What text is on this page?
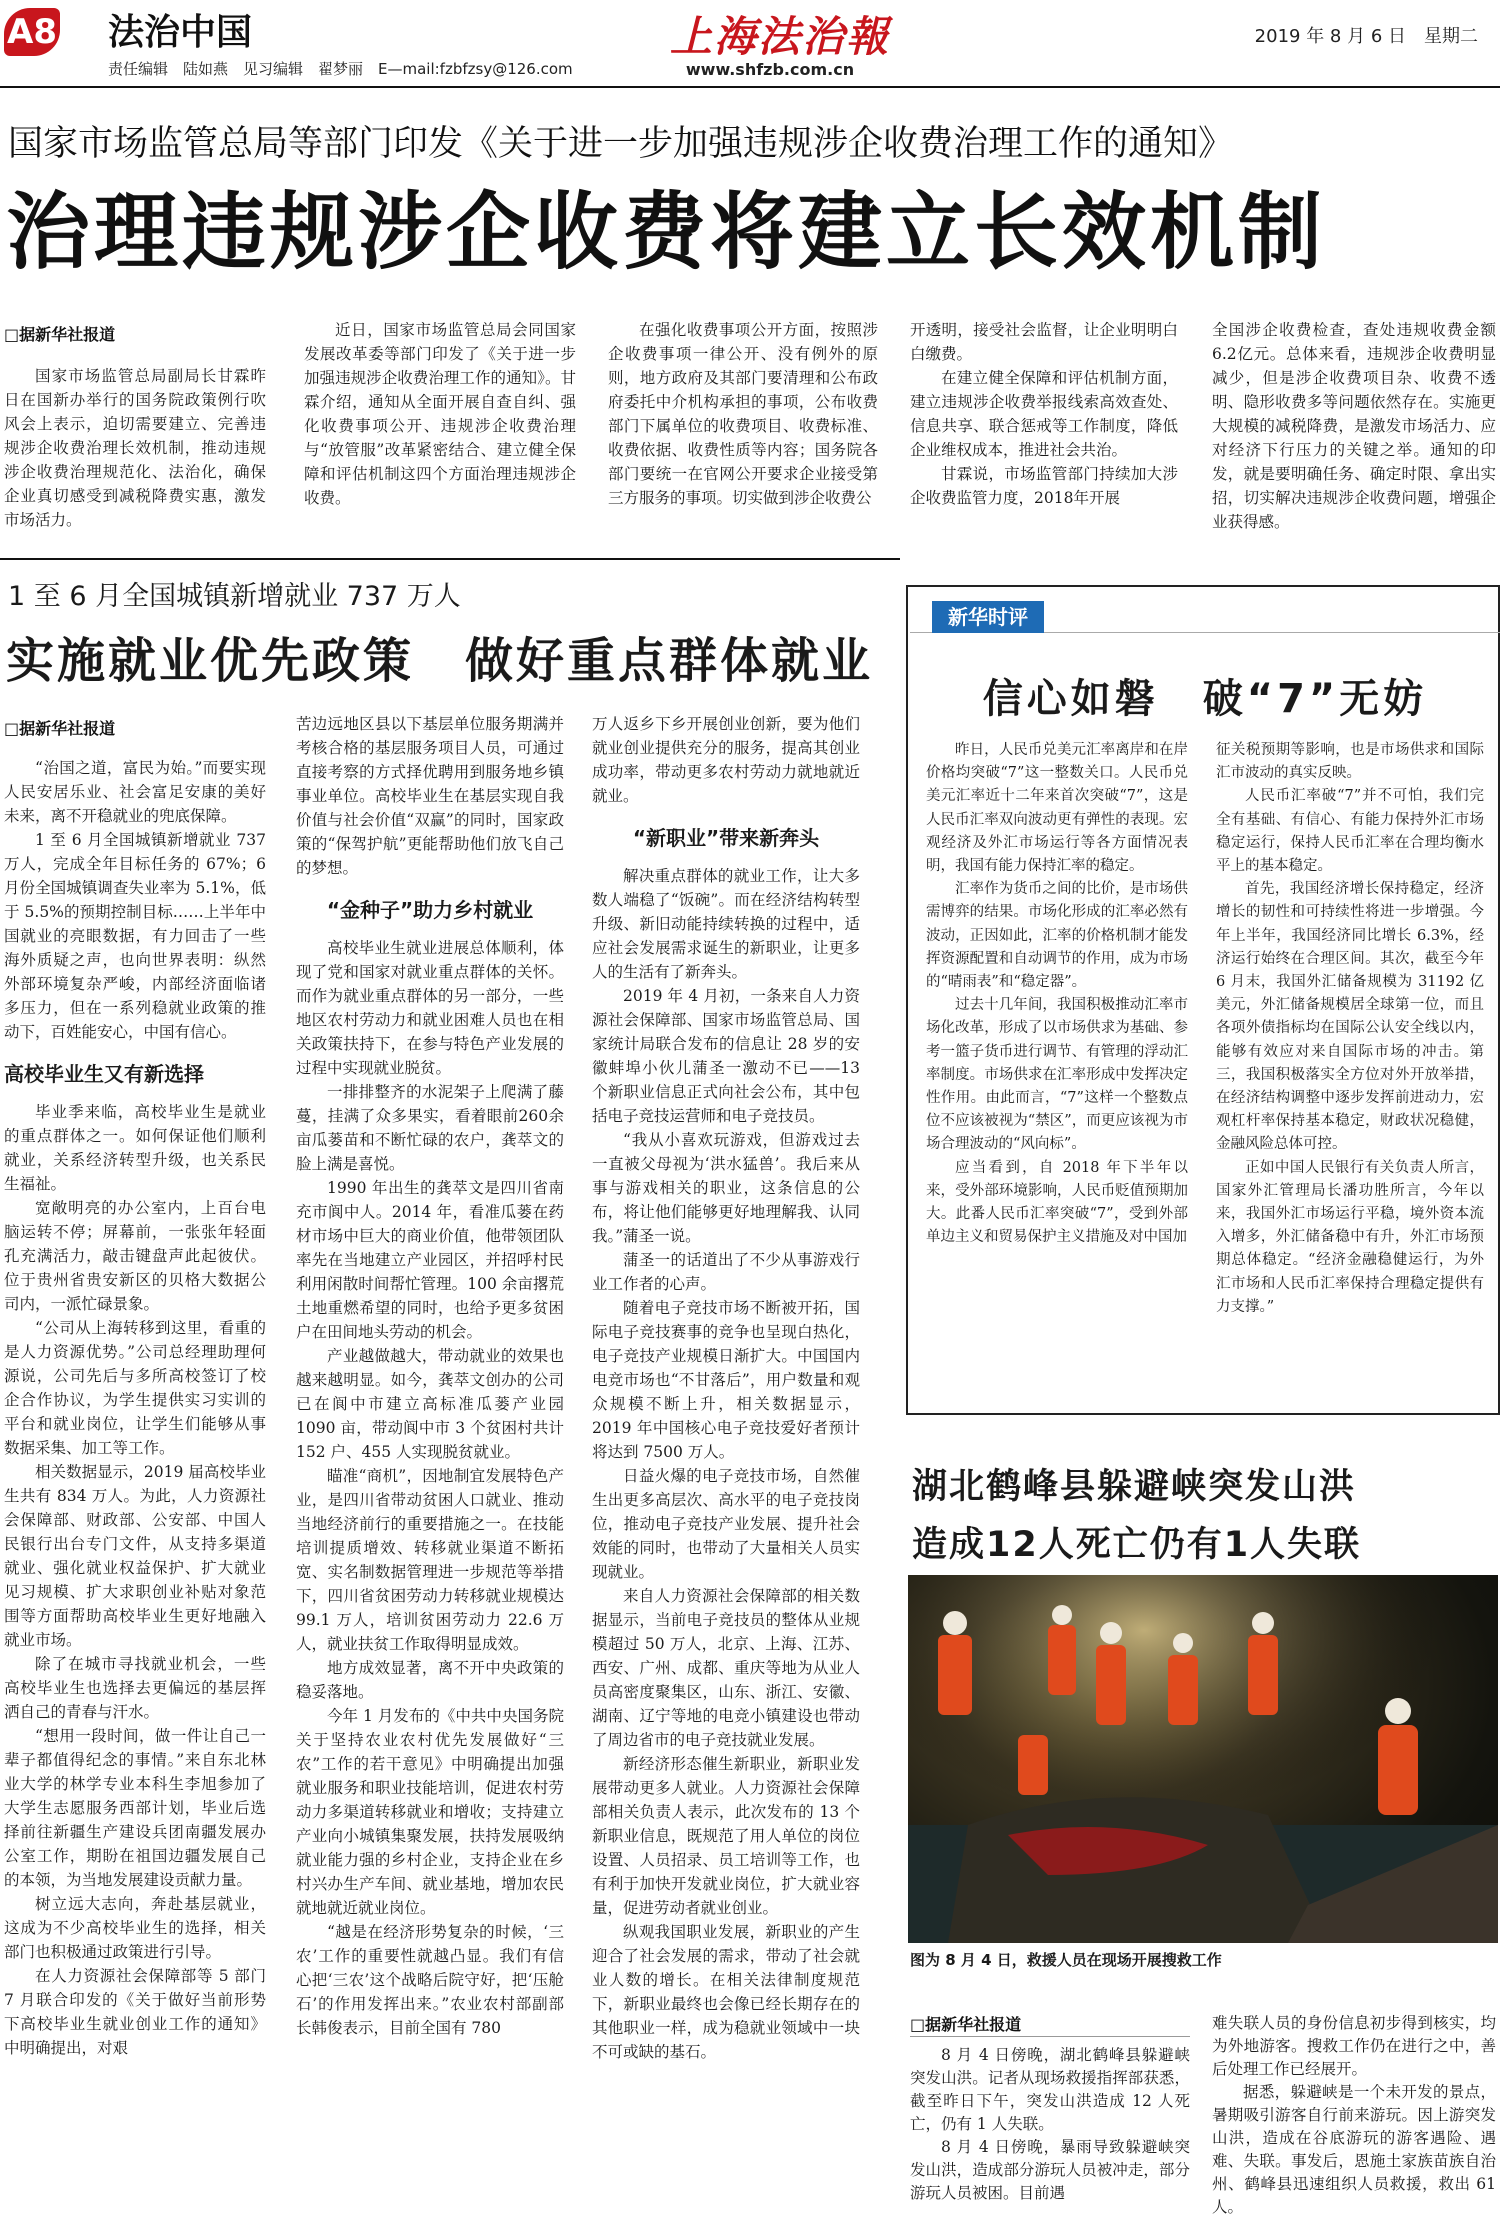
A8 法治中国
责任编辑　陆如燕　见习编辑　翟梦丽　E—mail:fzbfzsy@126.com
上海法治報
www.shfzb.com.cn
2019 年 8 月 6 日　星期二
国家市场监管总局等部门印发《关于进一步加强违规涉企收费治理工作的通知》
治理违规涉企收费将建立长效机制
□据新华社报道

国家市场监管总局副局长甘霖昨日在国新办举行的国务院政策例行吹风会上表示，迫切需要建立、完善违规涉企收费治理长效机制，推动违规涉企收费治理规范化、法治化，确保企业真切感受到减税降费实惠，激发市场活力。

近日，国家市场监管总局会同国家发展改革委等部门印发了《关于进一步加强违规涉企收费治理工作的通知》。甘霖介绍，通知从全面开展自查自纠、强化收费事项公开、违规涉企收费治理与“放管服”改革紧密结合、建立健全保障和评估机制这四个方面治理违规涉企收费。

在强化收费事项公开方面，按照涉企收费事项一律公开、没有例外的原则，地方政府及其部门要清理和公布政府委托中介机构承担的事项，公布收费部门下属单位的收费项目、收费标准、收费依据、收费性质等内容；国务院各部门要统一在官网公开要求企业接受第三方服务的事项。切实做到涉企收费公

开透明，接受社会监督，让企业明明白白缴费。

在建立健全保障和评估机制方面，建立违规涉企收费举报线索高效查处、信息共享、联合惩戒等工作制度，降低企业维权成本，推进社会共治。

甘霖说，市场监管部门持续加大涉企收费监管力度，2018年开展

全国涉企收费检查，查处违规收费金额6.2亿元。总体来看，违规涉企收费明显减少，但是涉企收费项目杂、收费不透明、隐形收费多等问题依然存在。实施更大规模的减税降费，是激发市场活力、应对经济下行压力的关键之举。通知的印发，就是要明确任务、确定时限、拿出实招，切实解决违规涉企收费问题，增强企业获得感。

1 至 6 月全国城镇新增就业 737 万人
实施就业优先政策　做好重点群体就业
□据新华社报道

“治国之道，富民为始。”而要实现人民安居乐业、社会富足安康的美好未来，离不开稳就业的兜底保障。

1 至 6 月全国城镇新增就业 737 万人，完成全年目标任务的 67%；6 月份全国城镇调查失业率为 5.1%，低于 5.5%的预期控制目标……上半年中国就业的亮眼数据，有力回击了一些海外质疑之声，也向世界表明：纵然外部环境复杂严峻，内部经济面临诸多压力，但在一系列稳就业政策的推动下，百姓能安心，中国有信心。

高校毕业生又有新选择

毕业季来临，高校毕业生是就业的重点群体之一。如何保证他们顺利就业，关系经济转型升级，也关系民生福祉。

宽敞明亮的办公室内，上百台电脑运转不停；屏幕前，一张张年轻面孔充满活力，敲击键盘声此起彼伏。位于贵州省贵安新区的贝格大数据公司内，一派忙碌景象。

“公司从上海转移到这里，看重的是人力资源优势。”公司总经理助理何源说，公司先后与多所高校签订了校企合作协议，为学生提供实习实训的平台和就业岗位，让学生们能够从事数据采集、加工等工作。

相关数据显示，2019 届高校毕业生共有 834 万人。为此，人力资源社会保障部、财政部、公安部、中国人民银行出台专门文件，从支持多渠道就业、强化就业权益保护、扩大就业见习规模、扩大求职创业补贴对象范围等方面帮助高校毕业生更好地融入就业市场。

除了在城市寻找就业机会，一些高校毕业生也选择去更偏远的基层挥洒自己的青春与汗水。

“想用一段时间，做一件让自己一辈子都值得纪念的事情。”来自东北林业大学的林学专业本科生李旭参加了大学生志愿服务西部计划，毕业后选择前往新疆生产建设兵团南疆发展办公室工作，期盼在祖国边疆发展自己的本领，为当地发展建设贡献力量。

树立远大志向，奔赴基层就业，这成为不少高校毕业生的选择，相关部门也积极通过政策进行引导。

在人力资源社会保障部等 5 部门 7 月联合印发的《关于做好当前形势下高校毕业生就业创业工作的通知》中明确提出，对艰

苦边远地区县以下基层单位服务期满并考核合格的基层服务项目人员，可通过直接考察的方式择优聘用到服务地乡镇事业单位。高校毕业生在基层实现自我价值与社会价值“双赢”的同时，国家政策的“保驾护航”更能帮助他们放飞自己的梦想。

“金种子”助力乡村就业

高校毕业生就业进展总体顺利，体现了党和国家对就业重点群体的关怀。而作为就业重点群体的另一部分，一些地区农村劳动力和就业困难人员也在相关政策扶持下，在参与特色产业发展的过程中实现就业脱贫。

一排排整齐的水泥架子上爬满了藤蔓，挂满了众多果实，看着眼前260余亩瓜蒌苗和不断忙碌的农户，龚萃文的脸上满是喜悦。

1990 年出生的龚萃文是四川省南充市阆中人。2014 年，看准瓜蒌在药材市场中巨大的商业价值，他带领团队率先在当地建立产业园区，并招呼村民利用闲散时间帮忙管理。100 余亩撂荒土地重燃希望的同时，也给予更多贫困户在田间地头劳动的机会。

产业越做越大，带动就业的效果也越来越明显。如今，龚萃文创办的公司已在阆中市建立高标准瓜蒌产业园 1090 亩，带动阆中市 3 个贫困村共计 152 户、455 人实现脱贫就业。

瞄准“商机”，因地制宜发展特色产业，是四川省带动贫困人口就业、推动当地经济前行的重要措施之一。在技能培训提质增效、转移就业渠道不断拓宽、实名制数据管理进一步规范等举措下，四川省贫困劳动力转移就业规模达 99.1 万人，培训贫困劳动力 22.6 万人，就业扶贫工作取得明显成效。

地方成效显著，离不开中央政策的稳妥落地。

今年 1 月发布的《中共中央国务院关于坚持农业农村优先发展做好“三农”工作的若干意见》中明确提出加强就业服务和职业技能培训，促进农村劳动力多渠道转移就业和增收；支持建立产业向小城镇集聚发展，扶持发展吸纳就业能力强的乡村企业，支持企业在乡村兴办生产车间、就业基地，增加农民就地就近就业岗位。

“越是在经济形势复杂的时候，‘三农’工作的重要性就越凸显。我们有信心把‘三农’这个战略后院守好，把‘压舱石’的作用发挥出来。”农业农村部副部长韩俊表示，目前全国有 780

万人返乡下乡开展创业创新，要为他们就业创业提供充分的服务，提高其创业成功率，带动更多农村劳动力就地就近就业。

“新职业”带来新奔头

解决重点群体的就业工作，让大多数人端稳了“饭碗”。而在经济结构转型升级、新旧动能持续转换的过程中，适应社会发展需求诞生的新职业，让更多人的生活有了新奔头。

2019 年 4 月初，一条来自人力资源社会保障部、国家市场监管总局、国家统计局联合发布的信息让 28 岁的安徽蚌埠小伙儿蒲圣一激动不已——13 个新职业信息正式向社会公布，其中包括电子竞技运营师和电子竞技员。

“我从小喜欢玩游戏，但游戏过去一直被父母视为‘洪水猛兽’。我后来从事与游戏相关的职业，这条信息的公布，将让他们能够更好地理解我、认同我。”蒲圣一说。

蒲圣一的话道出了不少从事游戏行业工作者的心声。

随着电子竞技市场不断被开拓，国际电子竞技赛事的竞争也呈现白热化，电子竞技产业规模日渐扩大。中国国内电竞市场也“不甘落后”，用户数量和观众规模不断上升，相关数据显示，2019 年中国核心电子竞技爱好者预计将达到 7500 万人。

日益火爆的电子竞技市场，自然催生出更多高层次、高水平的电子竞技岗位，推动电子竞技产业发展、提升社会效能的同时，也带动了大量相关人员实现就业。

来自人力资源社会保障部的相关数据显示，当前电子竞技员的整体从业规模超过 50 万人，北京、上海、江苏、西安、广州、成都、重庆等地为从业人员高密度聚集区，山东、浙江、安徽、湖南、辽宁等地的电竞小镇建设也带动了周边省市的电子竞技就业发展。

新经济形态催生新职业，新职业发展带动更多人就业。人力资源社会保障部相关负责人表示，此次发布的 13 个新职业信息，既规范了用人单位的岗位设置、人员招录、员工培训等工作，也有利于加快开发就业岗位，扩大就业容量，促进劳动者就业创业。

纵观我国职业发展，新职业的产生迎合了社会发展的需求，带动了社会就业人数的增长。在相关法律制度规范下，新职业最终也会像已经长期存在的其他职业一样，成为稳就业领域中一块不可或缺的基石。

新华时评
信心如磐　破“7”无妨

昨日，人民币兑美元汇率离岸和在岸价格均突破“7”这一整数关口。人民币兑美元汇率近十二年来首次突破“7”，这是人民币汇率双向波动更有弹性的表现。宏观经济及外汇市场运行等各方面情况表明，我国有能力保持汇率的稳定。

汇率作为货币之间的比价，是市场供需博弈的结果。市场化形成的汇率必然有波动，正因如此，汇率的价格机制才能发挥资源配置和自动调节的作用，成为市场的“晴雨表”和“稳定器”。

过去十几年间，我国积极推动汇率市场化改革，形成了以市场供求为基础、参考一篮子货币进行调节、有管理的浮动汇率制度。市场供求在汇率形成中发挥决定性作用。由此而言，“7”这样一个整数点位不应该被视为“禁区”，而更应该视为市场合理波动的“风向标”。

应当看到，自 2018 年下半年以来，受外部环境影响，人民币贬值预期加大。此番人民币汇率突破“7”，受到外部单边主义和贸易保护主义措施及对中国加

征关税预期等影响，也是市场供求和国际汇市波动的真实反映。

人民币汇率破“7”并不可怕，我们完全有基础、有信心、有能力保持外汇市场稳定运行，保持人民币汇率在合理均衡水平上的基本稳定。

首先，我国经济增长保持稳定，经济增长的韧性和可持续性将进一步增强。今年上半年，我国经济同比增长 6.3%，经济运行始终在合理区间。其次，截至今年 6 月末，我国外汇储备规模为 31192 亿美元，外汇储备规模居全球第一位，而且各项外债指标均在国际公认安全线以内，能够有效应对来自国际市场的冲击。第三，我国积极落实全方位对外开放举措，在经济结构调整中逐步发挥前进动力，宏观杠杆率保持基本稳定，财政状况稳健，金融风险总体可控。

正如中国人民银行有关负责人所言，国家外汇管理局长潘功胜所言，今年以来，我国外汇市场运行平稳，境外资本流入增多，外汇储备稳中有升，外汇市场预期总体稳定。“经济金融稳健运行，为外汇市场和人民币汇率保持合理稳定提供有力支撑。”

湖北鹤峰县躲避峡突发山洪
造成12人死亡仍有1人失联
图为 8 月 4 日，救援人员在现场开展搜救工作
□据新华社报道

8 月 4 日傍晚，湖北鹤峰县躲避峡突发山洪。记者从现场救援指挥部获悉，截至昨日下午，突发山洪造成 12 人死亡，仍有 1 人失联。

8 月 4 日傍晚，暴雨导致躲避峡突发山洪，造成部分游玩人员被冲走，部分游玩人员被困。目前遇

难失联人员的身份信息初步得到核实，均为外地游客。搜救工作仍在进行之中，善后处理工作已经展开。

据悉，躲避峡是一个未开发的景点，暑期吸引游客自行前来游玩。因上游突发山洪，造成在谷底游玩的游客遇险、遇难、失联。事发后，恩施土家族苗族自治州、鹤峰县迅速组织人员救援，救出 61 人。
